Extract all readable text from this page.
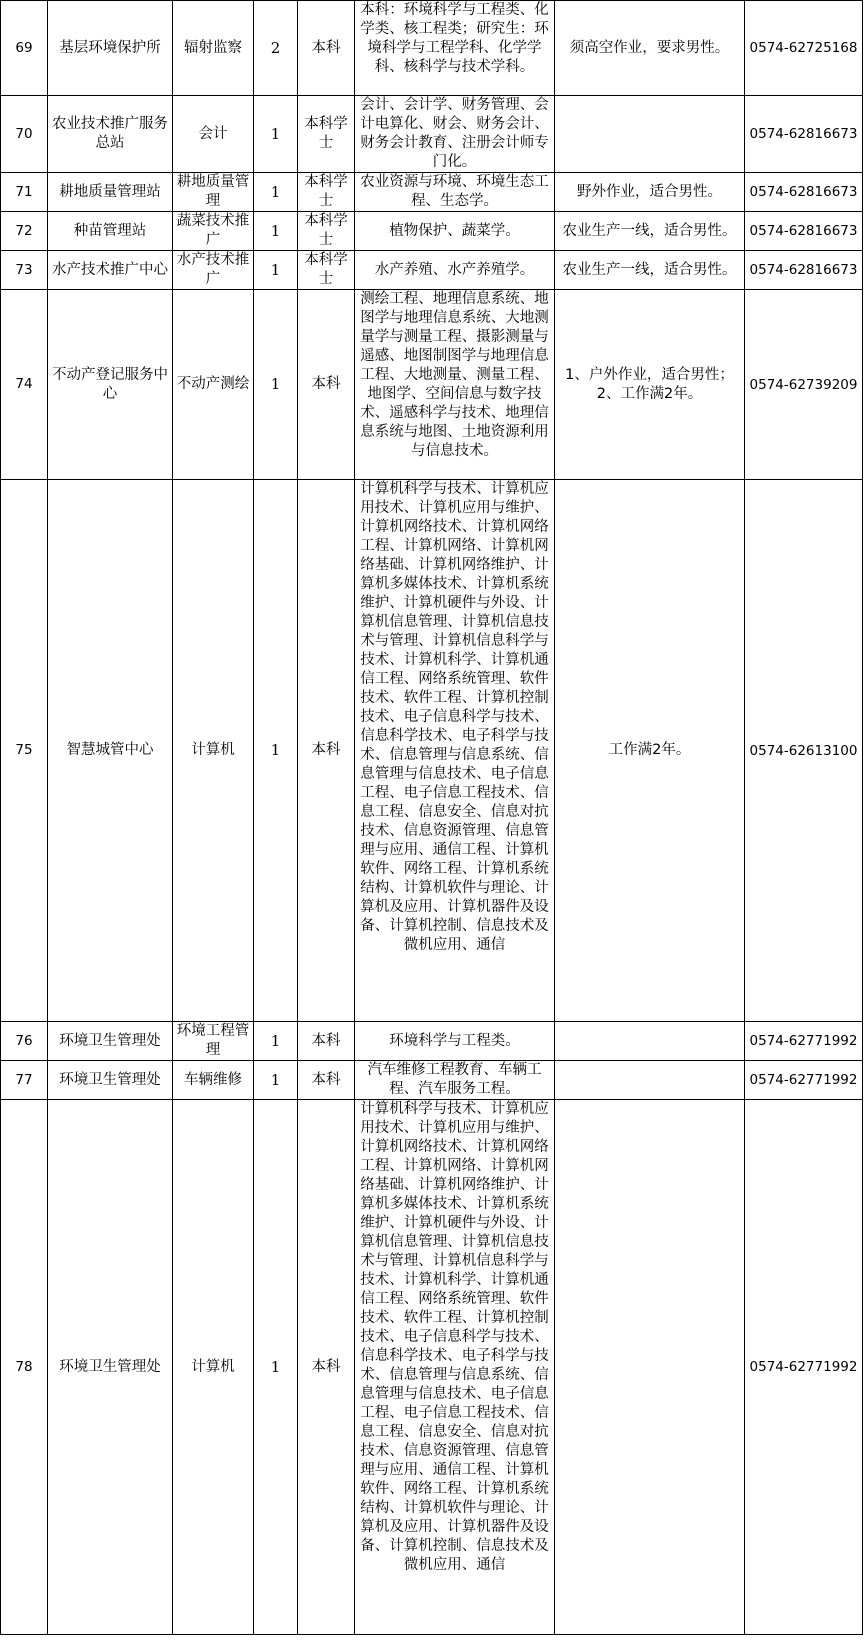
69	基层环境保护所	辐射监察	2	本科	本科：环境科学与工程类、化学类、核工程类；研究生：环境科学与工程学科、化学学科、核科学与技术学科。	须高空作业，要求男性。	0574-62725168
70	农业技术推广服务总站	会计	1	本科学士	会计、会计学、财务管理、会计电算化、财会、财务会计、财务会计教育、注册会计师专门化。		0574-62816673
71	耕地质量管理站	耕地质量管理	1	本科学士	农业资源与环境、环境生态工程、生态学。	野外作业，适合男性。	0574-62816673
72	种苗管理站	蔬菜技术推广	1	本科学士	植物保护、蔬菜学。	农业生产一线，适合男性。	0574-62816673
73	水产技术推广中心	水产技术推广	1	本科学士	水产养殖、水产养殖学。	农业生产一线，适合男性。	0574-62816673
74	不动产登记服务中心	不动产测绘	1	本科	测绘工程、地理信息系统、地图学与地理信息系统、大地测量学与测量工程、摄影测量与遥感、地图制图学与地理信息工程、大地测量、测量工程、地图学、空间信息与数字技术、遥感科学与技术、地理信息系统与地图、土地资源利用与信息技术。	1、户外作业，适合男性；2、工作满2年。	0574-62739209
75	智慧城管中心	计算机	1	本科	计算机科学与技术、计算机应用技术、计算机应用与维护、计算机网络技术、计算机网络工程、计算机网络、计算机网络基础、计算机网络维护、计算机多媒体技术、计算机系统维护、计算机硬件与外设、计算机信息管理、计算机信息技术与管理、计算机信息科学与技术、计算机科学、计算机通信工程、网络系统管理、软件技术、软件工程、计算机控制技术、电子信息科学与技术、信息科学技术、电子科学与技术、信息管理与信息系统、信息管理与信息技术、电子信息工程、电子信息工程技术、信息工程、信息安全、信息对抗技术、信息资源管理、信息管理与应用、通信工程、计算机软件、网络工程、计算机系统结构、计算机软件与理论、计算机及应用、计算机器件及设备、计算机控制、信息技术及微机应用、通信	工作满2年。	0574-62613100
76	环境卫生管理处	环境工程管理	1	本科	环境科学与工程类。		0574-62771992
77	环境卫生管理处	车辆维修	1	本科	汽车维修工程教育、车辆工程、汽车服务工程。		0574-62771992
78	环境卫生管理处	计算机	1	本科	计算机科学与技术、计算机应用技术、计算机应用与维护、计算机网络技术、计算机网络工程、计算机网络、计算机网络基础、计算机网络维护、计算机多媒体技术、计算机系统维护、计算机硬件与外设、计算机信息管理、计算机信息技术与管理、计算机信息科学与技术、计算机科学、计算机通信工程、网络系统管理、软件技术、软件工程、计算机控制技术、电子信息科学与技术、信息科学技术、电子科学与技术、信息管理与信息系统、信息管理与信息技术、电子信息工程、电子信息工程技术、信息工程、信息安全、信息对抗技术、信息资源管理、信息管理与应用、通信工程、计算机软件、网络工程、计算机系统结构、计算机软件与理论、计算机及应用、计算机器件及设备、计算机控制、信息技术及微机应用、通信		0574-62771992
